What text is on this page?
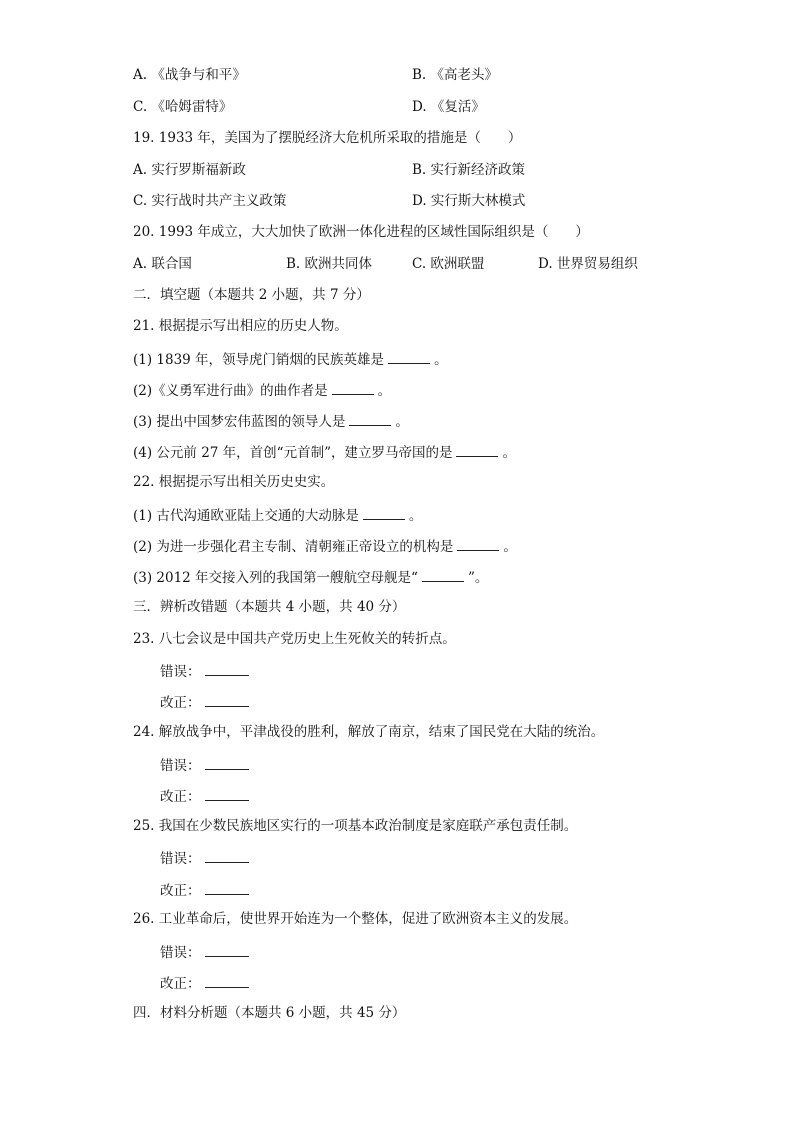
A. 《战争与和平》	B. 《高老头》
C. 《哈姆雷特》	D. 《复活》
19. 1933 年，美国为了摆脱经济大危机所采取的措施是（　　）
A. 实行罗斯福新政	B. 实行新经济政策
C. 实行战时共产主义政策	D. 实行斯大林模式
20. 1993 年成立，大大加快了欧洲一体化进程的区域性国际组织是（　　）
A. 联合国	B. 欧洲共同体	C. 欧洲联盟	D. 世界贸易组织
二．填空题（本题共 2 小题，共 7 分）
21. 根据提示写出相应的历史人物。
(1) 1839 年，领导虎门销烟的民族英雄是	。
(2)《义勇军进行曲》的曲作者是	。
(3) 提出中国梦宏伟蓝图的领导人是	。
(4) 公元前 27 年，首创“元首制”，建立罗马帝国的是	。
22. 根据提示写出相关历史史实。
(1) 古代沟通欧亚陆上交通的大动脉是	。
(2) 为进一步强化君主专制、清朝雍正帝设立的机构是	。
(3) 2012 年交接入列的我国第一艘航空母舰是“	”。
三．辨析改错题（本题共 4 小题，共 40 分）
23. 八七会议是中国共产党历史上生死攸关的转折点。
错误：
改正：
24. 解放战争中，平津战役的胜利，解放了南京，结束了国民党在大陆的统治。
错误：
改正：
25. 我国在少数民族地区实行的一项基本政治制度是家庭联产承包责任制。
错误：
改正：
26. 工业革命后，使世界开始连为一个整体，促进了欧洲资本主义的发展。
错误：
改正：
四．材料分析题（本题共 6 小题，共 45 分）
